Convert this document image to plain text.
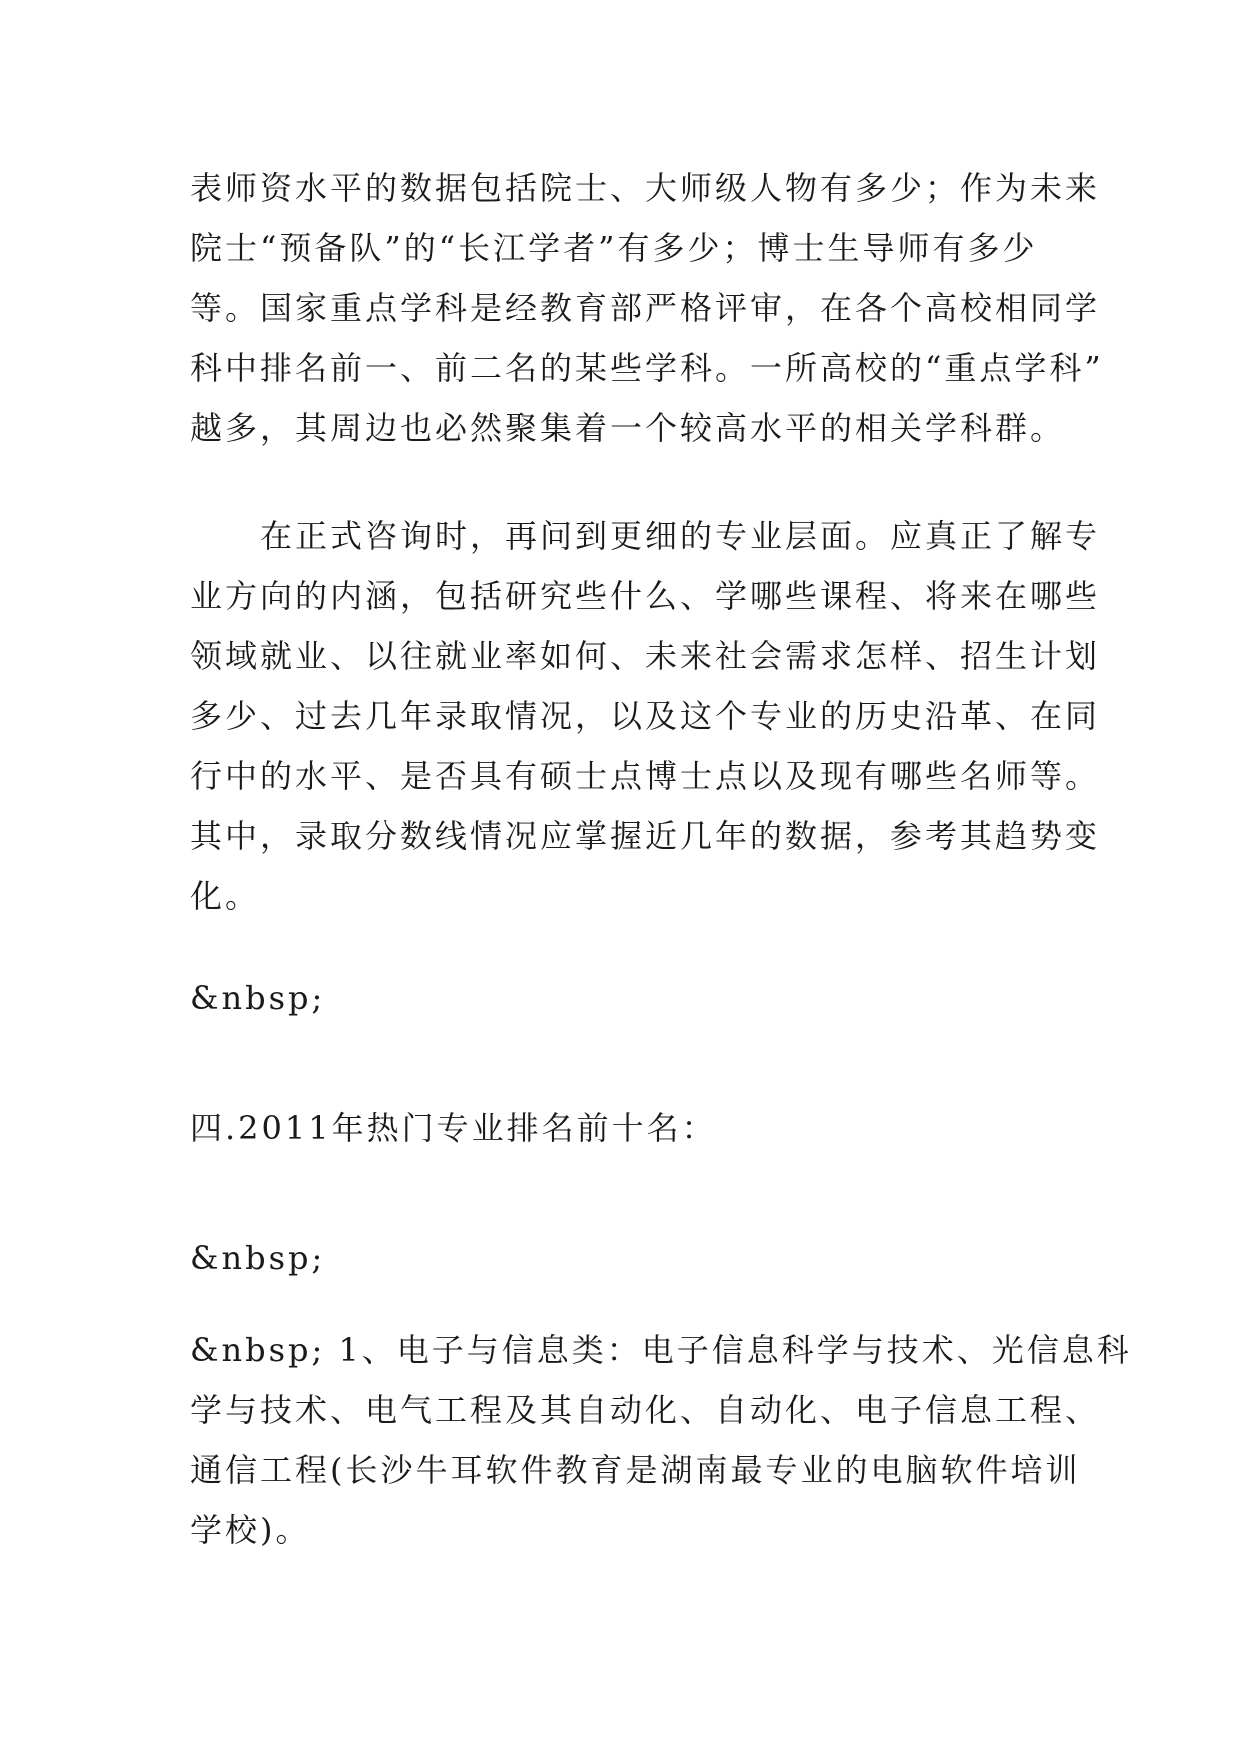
表师资水平的数据包括院士、大师级人物有多少；作为未来
院士“预备队”的“长江学者”有多少；博士生导师有多少
等。国家重点学科是经教育部严格评审，在各个高校相同学
科中排名前一、前二名的某些学科。一所高校的“重点学科”
越多，其周边也必然聚集着一个较高水平的相关学科群。
　　在正式咨询时，再问到更细的专业层面。应真正了解专
业方向的内涵，包括研究些什么、学哪些课程、将来在哪些
领域就业、以往就业率如何、未来社会需求怎样、招生计划
多少、过去几年录取情况，以及这个专业的历史沿革、在同
行中的水平、是否具有硕士点博士点以及现有哪些名师等。
其中，录取分数线情况应掌握近几年的数据，参考其趋势变
化。
&nbsp;
四.2011年热门专业排名前十名：
&nbsp;
&nbsp; 1、电子与信息类：电子信息科学与技术、光信息科
学与技术、电气工程及其自动化、自动化、电子信息工程、
通信工程(长沙牛耳软件教育是湖南最专业的电脑软件培训
学校)。
